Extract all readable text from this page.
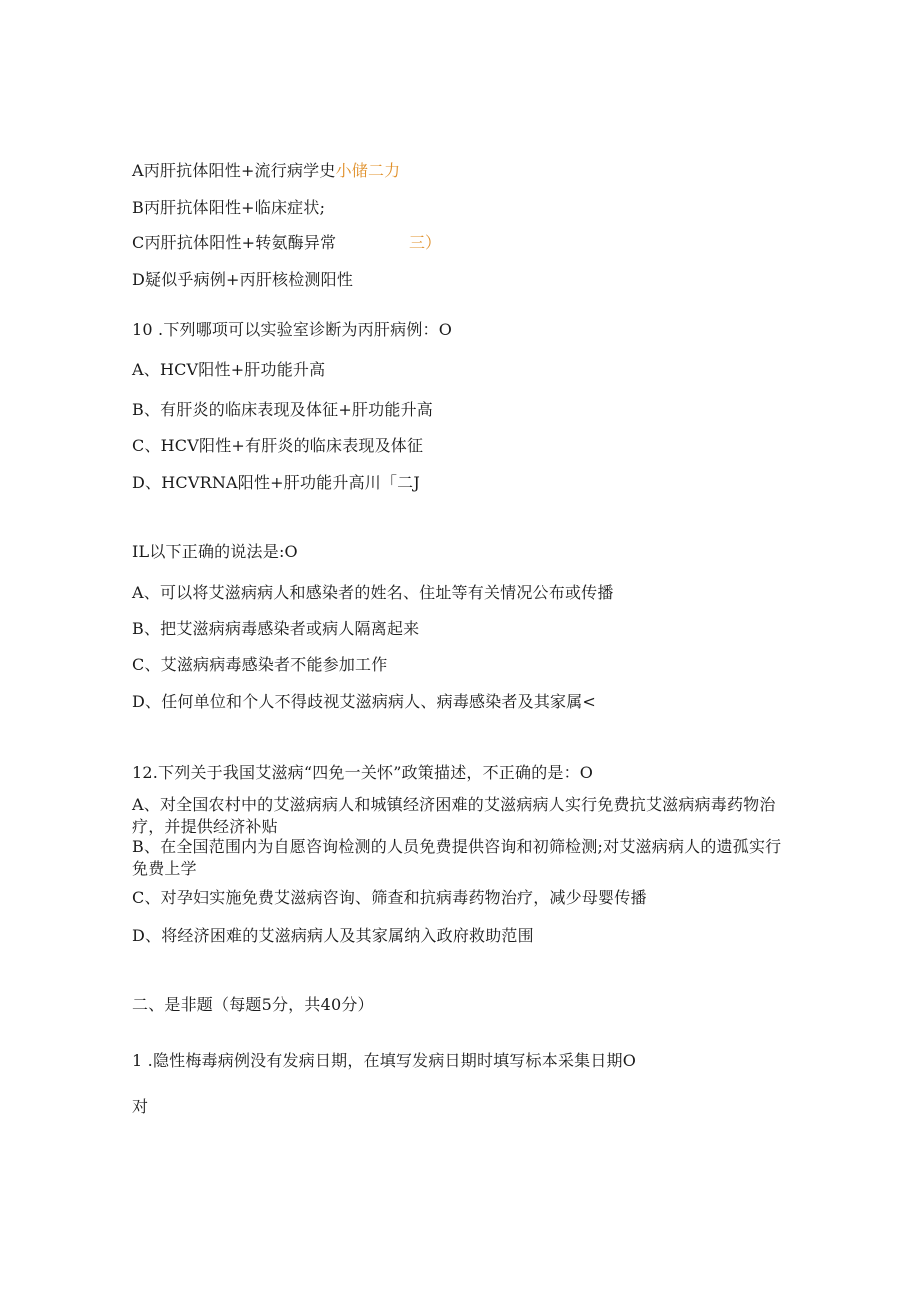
A丙肝抗体阳性+流行病学史小储二力
B丙肝抗体阳性+临床症状;
C丙肝抗体阳性+转氨酶异常	三）
D疑似乎病例+丙肝核检测阳性
10 .下列哪项可以实验室诊断为丙肝病例：O
A、HCV阳性+肝功能升高
B、有肝炎的临床表现及体征+肝功能升高
C、HCV阳性+有肝炎的临床表现及体征
D、HCVRNA阳性+肝功能升高川「二J
IL以下正确的说法是:O
A、可以将艾滋病病人和感染者的姓名、住址等有关情况公布或传播
B、把艾滋病病毒感染者或病人隔离起来
C、艾滋病病毒感染者不能参加工作
D、任何单位和个人不得歧视艾滋病病人、病毒感染者及其家属<
12.下列关于我国艾滋病“四免一关怀”政策描述，不正确的是：O
A、对全国农村中的艾滋病病人和城镇经济困难的艾滋病病人实行免费抗艾滋病病毒药物治疗，并提供经济补贴
B、在全国范围内为自愿咨询检测的人员免费提供咨询和初筛检测;对艾滋病病人的遗孤实行免费上学
C、对孕妇实施免费艾滋病咨询、筛查和抗病毒药物治疗，减少母婴传播
D、将经济困难的艾滋病病人及其家属纳入政府救助范围
二、是非题（每题5分，共40分）
1 .隐性梅毒病例没有发病日期，在填写发病日期时填写标本采集日期O
对
